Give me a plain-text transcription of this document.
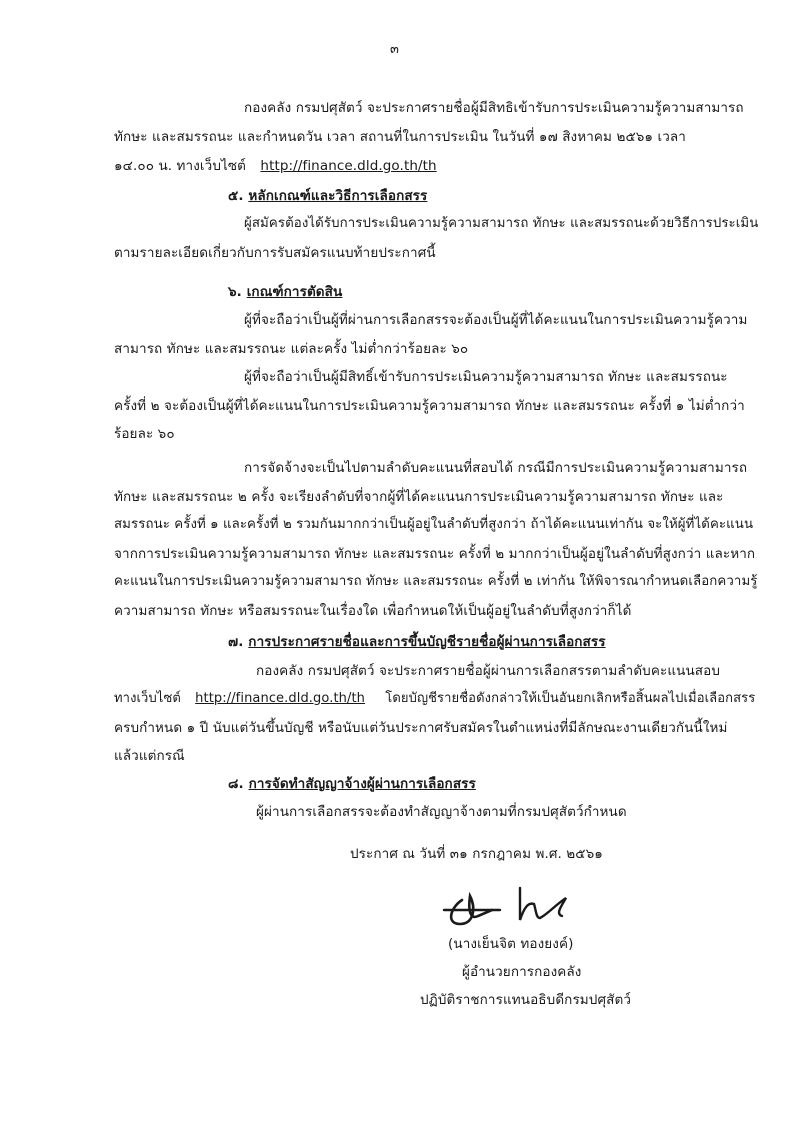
๓
กองคลัง กรมปศุสัตว์ จะประกาศรายชื่อผู้มีสิทธิเข้ารับการประเมินความรู้ความสามารถ
ทักษะ และสมรรถนะ และกำหนดวัน เวลา สถานที่ในการประเมิน ในวันที่ ๑๗ สิงหาคม ๒๕๖๑ เวลา
๑๔.๐๐ น. ทางเว็บไซต์ http://finance.dld.go.th/th
๕. หลักเกณฑ์และวิธีการเลือกสรร
ผู้สมัครต้องได้รับการประเมินความรู้ความสามารถ ทักษะ และสมรรถนะด้วยวิธีการประเมิน
ตามรายละเอียดเกี่ยวกับการรับสมัครแนบท้ายประกาศนี้
๖. เกณฑ์การตัดสิน
ผู้ที่จะถือว่าเป็นผู้ที่ผ่านการเลือกสรรจะต้องเป็นผู้ที่ได้คะแนนในการประเมินความรู้ความ
สามารถ ทักษะ และสมรรถนะ แต่ละครั้ง ไม่ต่ำกว่าร้อยละ ๖๐
ผู้ที่จะถือว่าเป็นผู้มีสิทธิ์เข้ารับการประเมินความรู้ความสามารถ ทักษะ และสมรรถนะ
ครั้งที่ ๒ จะต้องเป็นผู้ที่ได้คะแนนในการประเมินความรู้ความสามารถ ทักษะ และสมรรถนะ ครั้งที่ ๑ ไม่ต่ำกว่า
ร้อยละ ๖๐
การจัดจ้างจะเป็นไปตามลำดับคะแนนที่สอบได้ กรณีมีการประเมินความรู้ความสามารถ
ทักษะ และสมรรถนะ ๒ ครั้ง จะเรียงลำดับที่จากผู้ที่ได้คะแนนการประเมินความรู้ความสามารถ ทักษะ และ
สมรรถนะ ครั้งที่ ๑ และครั้งที่ ๒ รวมกันมากกว่าเป็นผู้อยู่ในลำดับที่สูงกว่า ถ้าได้คะแนนเท่ากัน จะให้ผู้ที่ได้คะแนน
จากการประเมินความรู้ความสามารถ ทักษะ และสมรรถนะ ครั้งที่ ๒ มากกว่าเป็นผู้อยู่ในลำดับที่สูงกว่า และหาก
คะแนนในการประเมินความรู้ความสามารถ ทักษะ และสมรรถนะ ครั้งที่ ๒ เท่ากัน ให้พิจารณากำหนดเลือกความรู้
ความสามารถ ทักษะ หรือสมรรถนะในเรื่องใด เพื่อกำหนดให้เป็นผู้อยู่ในลำดับที่สูงกว่าก็ได้
๗. การประกาศรายชื่อและการขึ้นบัญชีรายชื่อผู้ผ่านการเลือกสรร
กองคลัง กรมปศุสัตว์ จะประกาศรายชื่อผู้ผ่านการเลือกสรรตามลำดับคะแนนสอบ
ทางเว็บไซต์ http://finance.dld.go.th/th โดยบัญชีรายชื่อดังกล่าวให้เป็นอันยกเลิกหรือสิ้นผลไปเมื่อเลือกสรร
ครบกำหนด ๑ ปี นับแต่วันขึ้นบัญชี หรือนับแต่วันประกาศรับสมัครในตำแหน่งที่มีลักษณะงานเดียวกันนี้ใหม่
แล้วแต่กรณี
๘. การจัดทำสัญญาจ้างผู้ผ่านการเลือกสรร
ผู้ผ่านการเลือกสรรจะต้องทำสัญญาจ้างตามที่กรมปศุสัตว์กำหนด
ประกาศ ณ วันที่ ๓๑ กรกฎาคม พ.ศ. ๒๕๖๑
(นางเย็นจิต ทองยงค์)
ผู้อำนวยการกองคลัง
ปฏิบัติราชการแทนอธิบดีกรมปศุสัตว์
